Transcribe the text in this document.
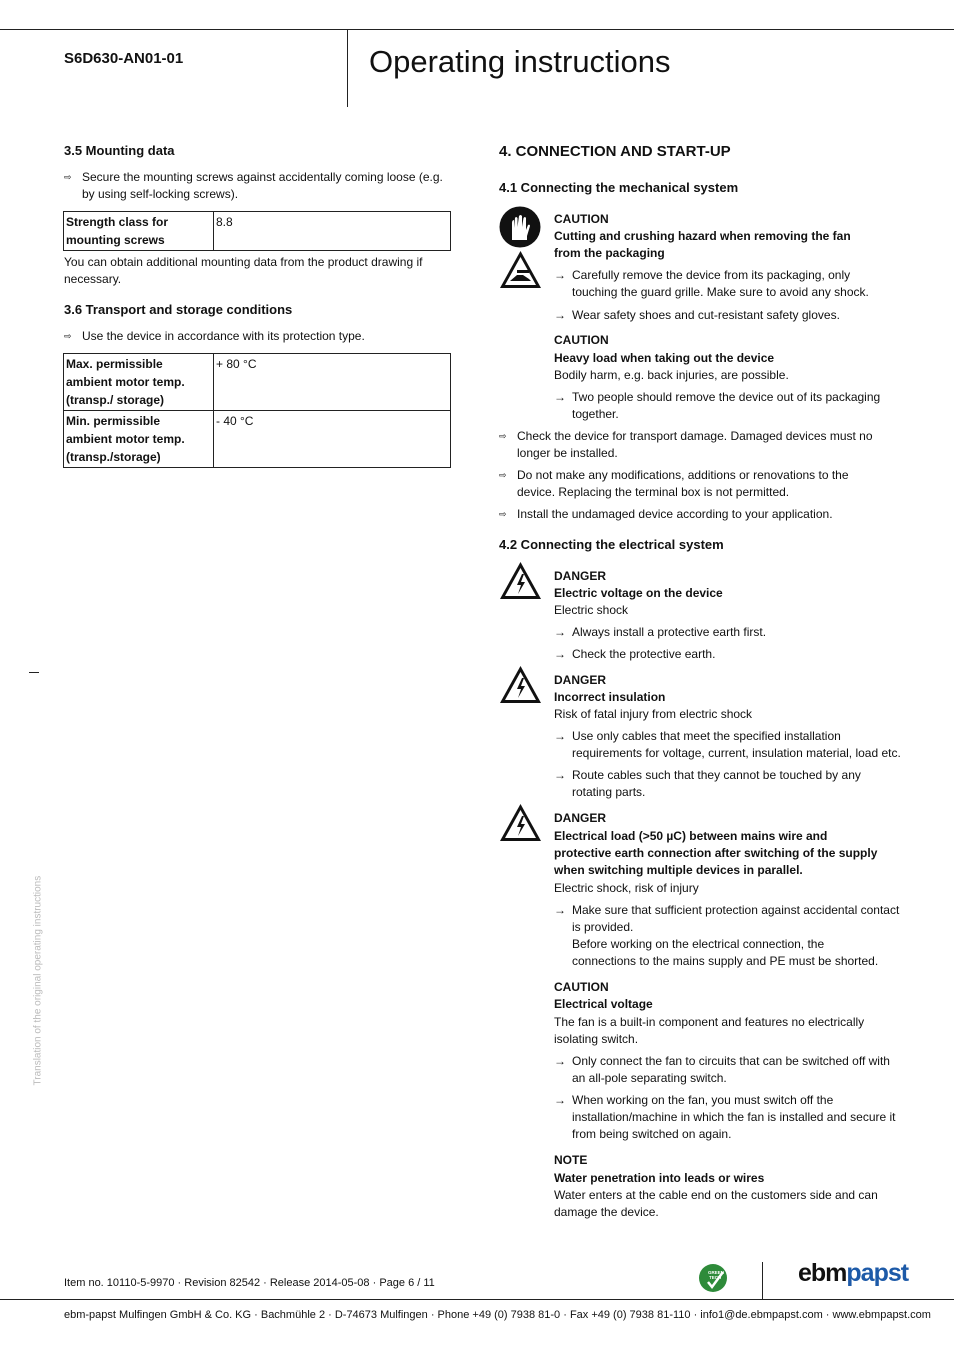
S6D630-AN01-01	Operating instructions
3.5 Mounting data
⇨ Secure the mounting screws against accidentally coming loose (e.g.
by using self-locking screws).
Strength class for
mounting screws	8.8
You can obtain additional mounting data from the product drawing if
necessary.
3.6 Transport and storage conditions
⇨ Use the device in accordance with its protection type.
Max. permissible
ambient motor temp.
(transp./ storage)	+ 80 °C
Min. permissible
ambient motor temp.
(transp./storage)	- 40 °C
Translation of the original operating instructions
4. CONNECTION AND START-UP
4.1 Connecting the mechanical system
CAUTION
Cutting and crushing hazard when removing the fan
from the packaging
→ Carefully remove the device from its packaging, only
touching the guard grille. Make sure to avoid any shock.
→ Wear safety shoes and cut-resistant safety gloves.
CAUTION
Heavy load when taking out the device
Bodily harm, e.g. back injuries, are possible.
→ Two people should remove the device out of its packaging
together.
⇨ Check the device for transport damage. Damaged devices must no
longer be installed.
⇨ Do not make any modifications, additions or renovations to the
device. Replacing the terminal box is not permitted.
⇨ Install the undamaged device according to your application.
4.2 Connecting the electrical system
DANGER
Electric voltage on the device
Electric shock
→ Always install a protective earth first.
→ Check the protective earth.
DANGER
Incorrect insulation
Risk of fatal injury from electric shock
→ Use only cables that meet the specified installation
requirements for voltage, current, insulation material, load etc.
→ Route cables such that they cannot be touched by any
rotating parts.
DANGER
Electrical load (>50 µC) between mains wire and
protective earth connection after switching of the supply
when switching multiple devices in parallel.
Electric shock, risk of injury
→ Make sure that sufficient protection against accidental contact
is provided.
Before working on the electrical connection, the
connections to the mains supply and PE must be shorted.
CAUTION
Electrical voltage
The fan is a built-in component and features no electrically
isolating switch.
→ Only connect the fan to circuits that can be switched off with
an all-pole separating switch.
→ When working on the fan, you must switch off the
installation/machine in which the fan is installed and secure it
from being switched on again.
NOTE
Water penetration into leads or wires
Water enters at the cable end on the customers side and can
damage the device.
Item no. 10110-5-9970 · Revision 82542 · Release 2014-05-08 · Page 6 / 11
GREEN
TECH	ebmpapst
ebm-papst Mulfingen GmbH & Co. KG · Bachmühle 2 · D-74673 Mulfingen · Phone +49 (0) 7938 81-0 · Fax +49 (0) 7938 81-110 · info1@de.ebmpapst.com · www.ebmpapst.com
